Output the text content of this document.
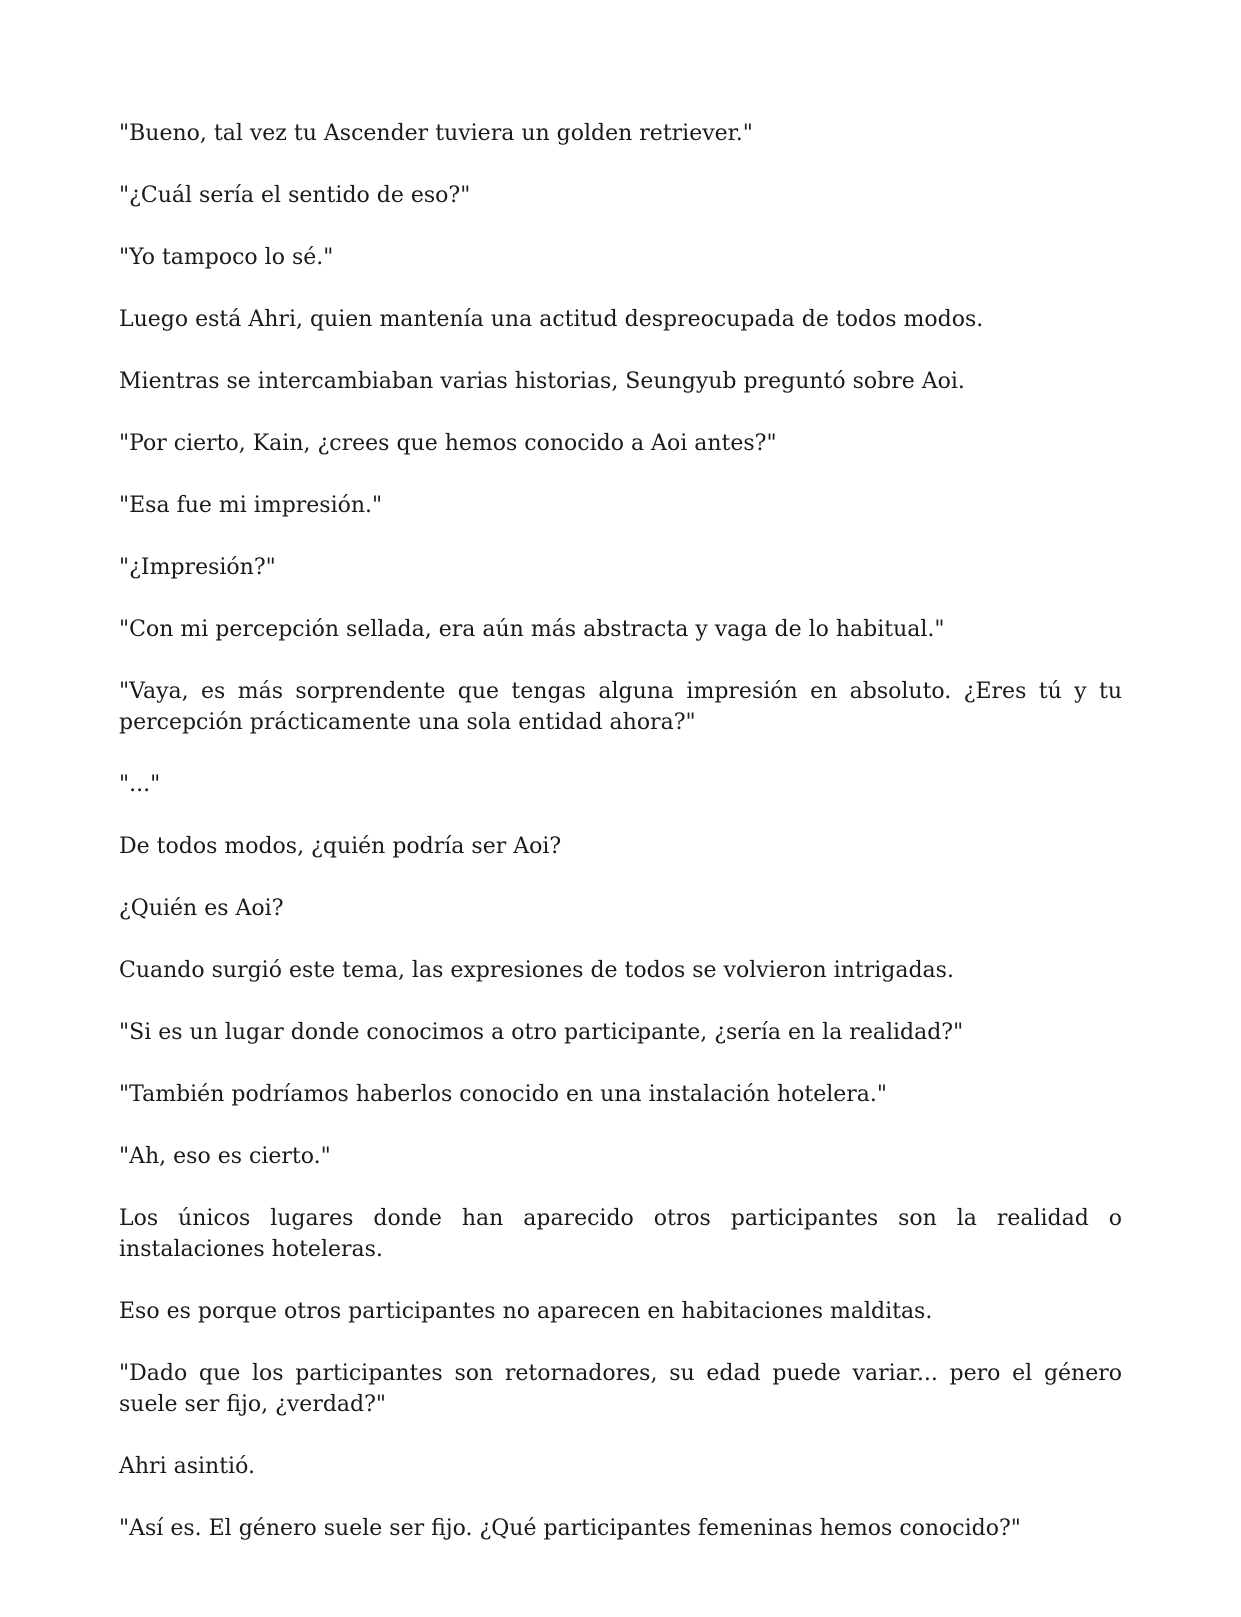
"Bueno, tal vez tu Ascender tuviera un golden retriever."

"¿Cuál sería el sentido de eso?"

"Yo tampoco lo sé."

Luego está Ahri, quien mantenía una actitud despreocupada de todos modos.

Mientras se intercambiaban varias historias, Seungyub preguntó sobre Aoi.

"Por cierto, Kain, ¿crees que hemos conocido a Aoi antes?"

"Esa fue mi impresión."

"¿Impresión?"

"Con mi percepción sellada, era aún más abstracta y vaga de lo habitual."

"Vaya, es más sorprendente que tengas alguna impresión en absoluto. ¿Eres tú y tu percepción prácticamente una sola entidad ahora?"

"..."

De todos modos, ¿quién podría ser Aoi?

¿Quién es Aoi?

Cuando surgió este tema, las expresiones de todos se volvieron intrigadas.

"Si es un lugar donde conocimos a otro participante, ¿sería en la realidad?"

"También podríamos haberlos conocido en una instalación hotelera."

"Ah, eso es cierto."

Los únicos lugares donde han aparecido otros participantes son la realidad o instalaciones hoteleras.

Eso es porque otros participantes no aparecen en habitaciones malditas.

"Dado que los participantes son retornadores, su edad puede variar... pero el género suele ser fijo, ¿verdad?"

Ahri asintió.

"Así es. El género suele ser fijo. ¿Qué participantes femeninas hemos conocido?"
